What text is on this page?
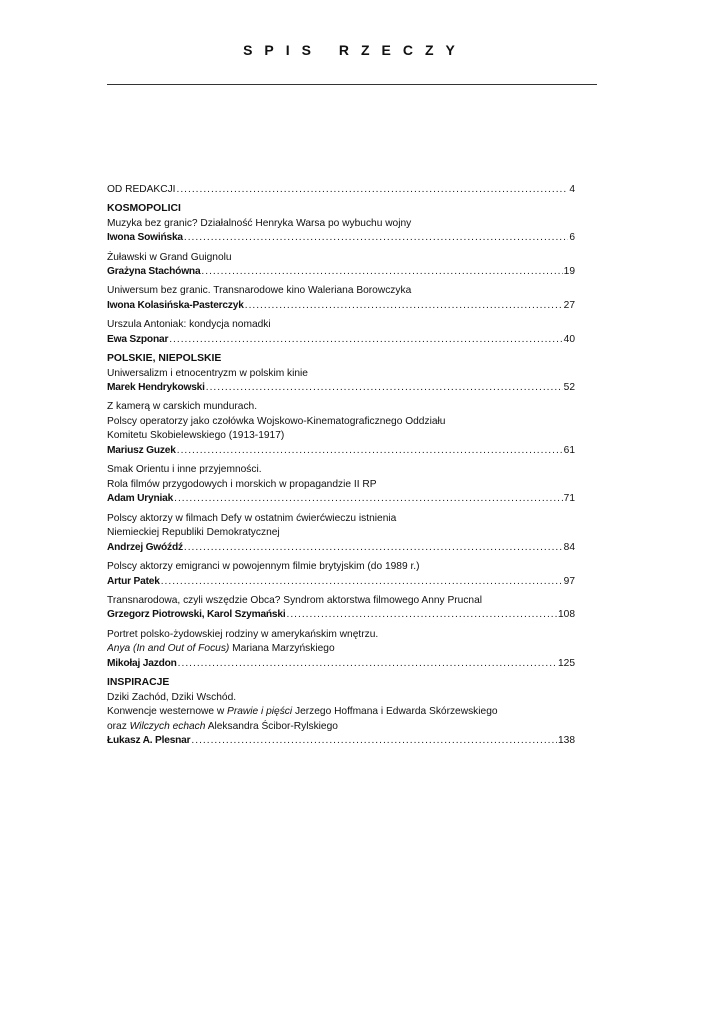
SPIS RZECZY
OD REDAKCJI .....	4
KOSMOPOLICI
Muzyka bez granic? Działalność Henryka Warsa po wybuchu wojny
Iwona Sowińska .....	6
Żuławski w Grand Guignolu
Grażyna Stachówna .....	19
Uniwersum bez granic. Transnarodowe kino Waleriana Borowczyka
Iwona Kolasińska-Pasterczyk .....	27
Urszula Antoniak: kondycja nomadki
Ewa Szponar .....	40
POLSKIE, NIEPOLSKIE
Uniwersalizm i etnocentryzm w polskim kinie
Marek Hendrykowski .....	52
Z kamerą w carskich mundurach.
Polscy operatorzy jako czołówka Wojskowo-Kinematograficznego Oddziału
Komitetu Skobielewskiego (1913-1917)
Mariusz Guzek .....	61
Smak Orientu i inne przyjemności.
Rola filmów przygodowych i morskich w propagandzie II RP
Adam Uryniak .....	71
Polscy aktorzy w filmach Defy w ostatnim ćwierćwieczu istnienia
Niemieckiej Republiki Demokratycznej
Andrzej Gwóźdź .....	84
Polscy aktorzy emigranci w powojennym filmie brytyjskim (do 1989 r.)
Artur Patek .....	97
Transnarodowa, czyli wszędzie Obca? Syndrom aktorstwa filmowego Anny Prucnal
Grzegorz Piotrowski, Karol Szymański .....	108
Portret polsko-żydowskiej rodziny w amerykańskim wnętrzu.
Anya (In and Out of Focus) Mariana Marzyńskiego
Mikołaj Jazdon .....	125
INSPIRACJE
Dziki Zachód, Dziki Wschód.
Konwencje westernowe w Prawie i pięści Jerzego Hoffmana i Edwarda Skórzewskiego
oraz Wilczych echach Aleksandra Ścibor-Rylskiego
Łukasz A. Plesnar .....	138
